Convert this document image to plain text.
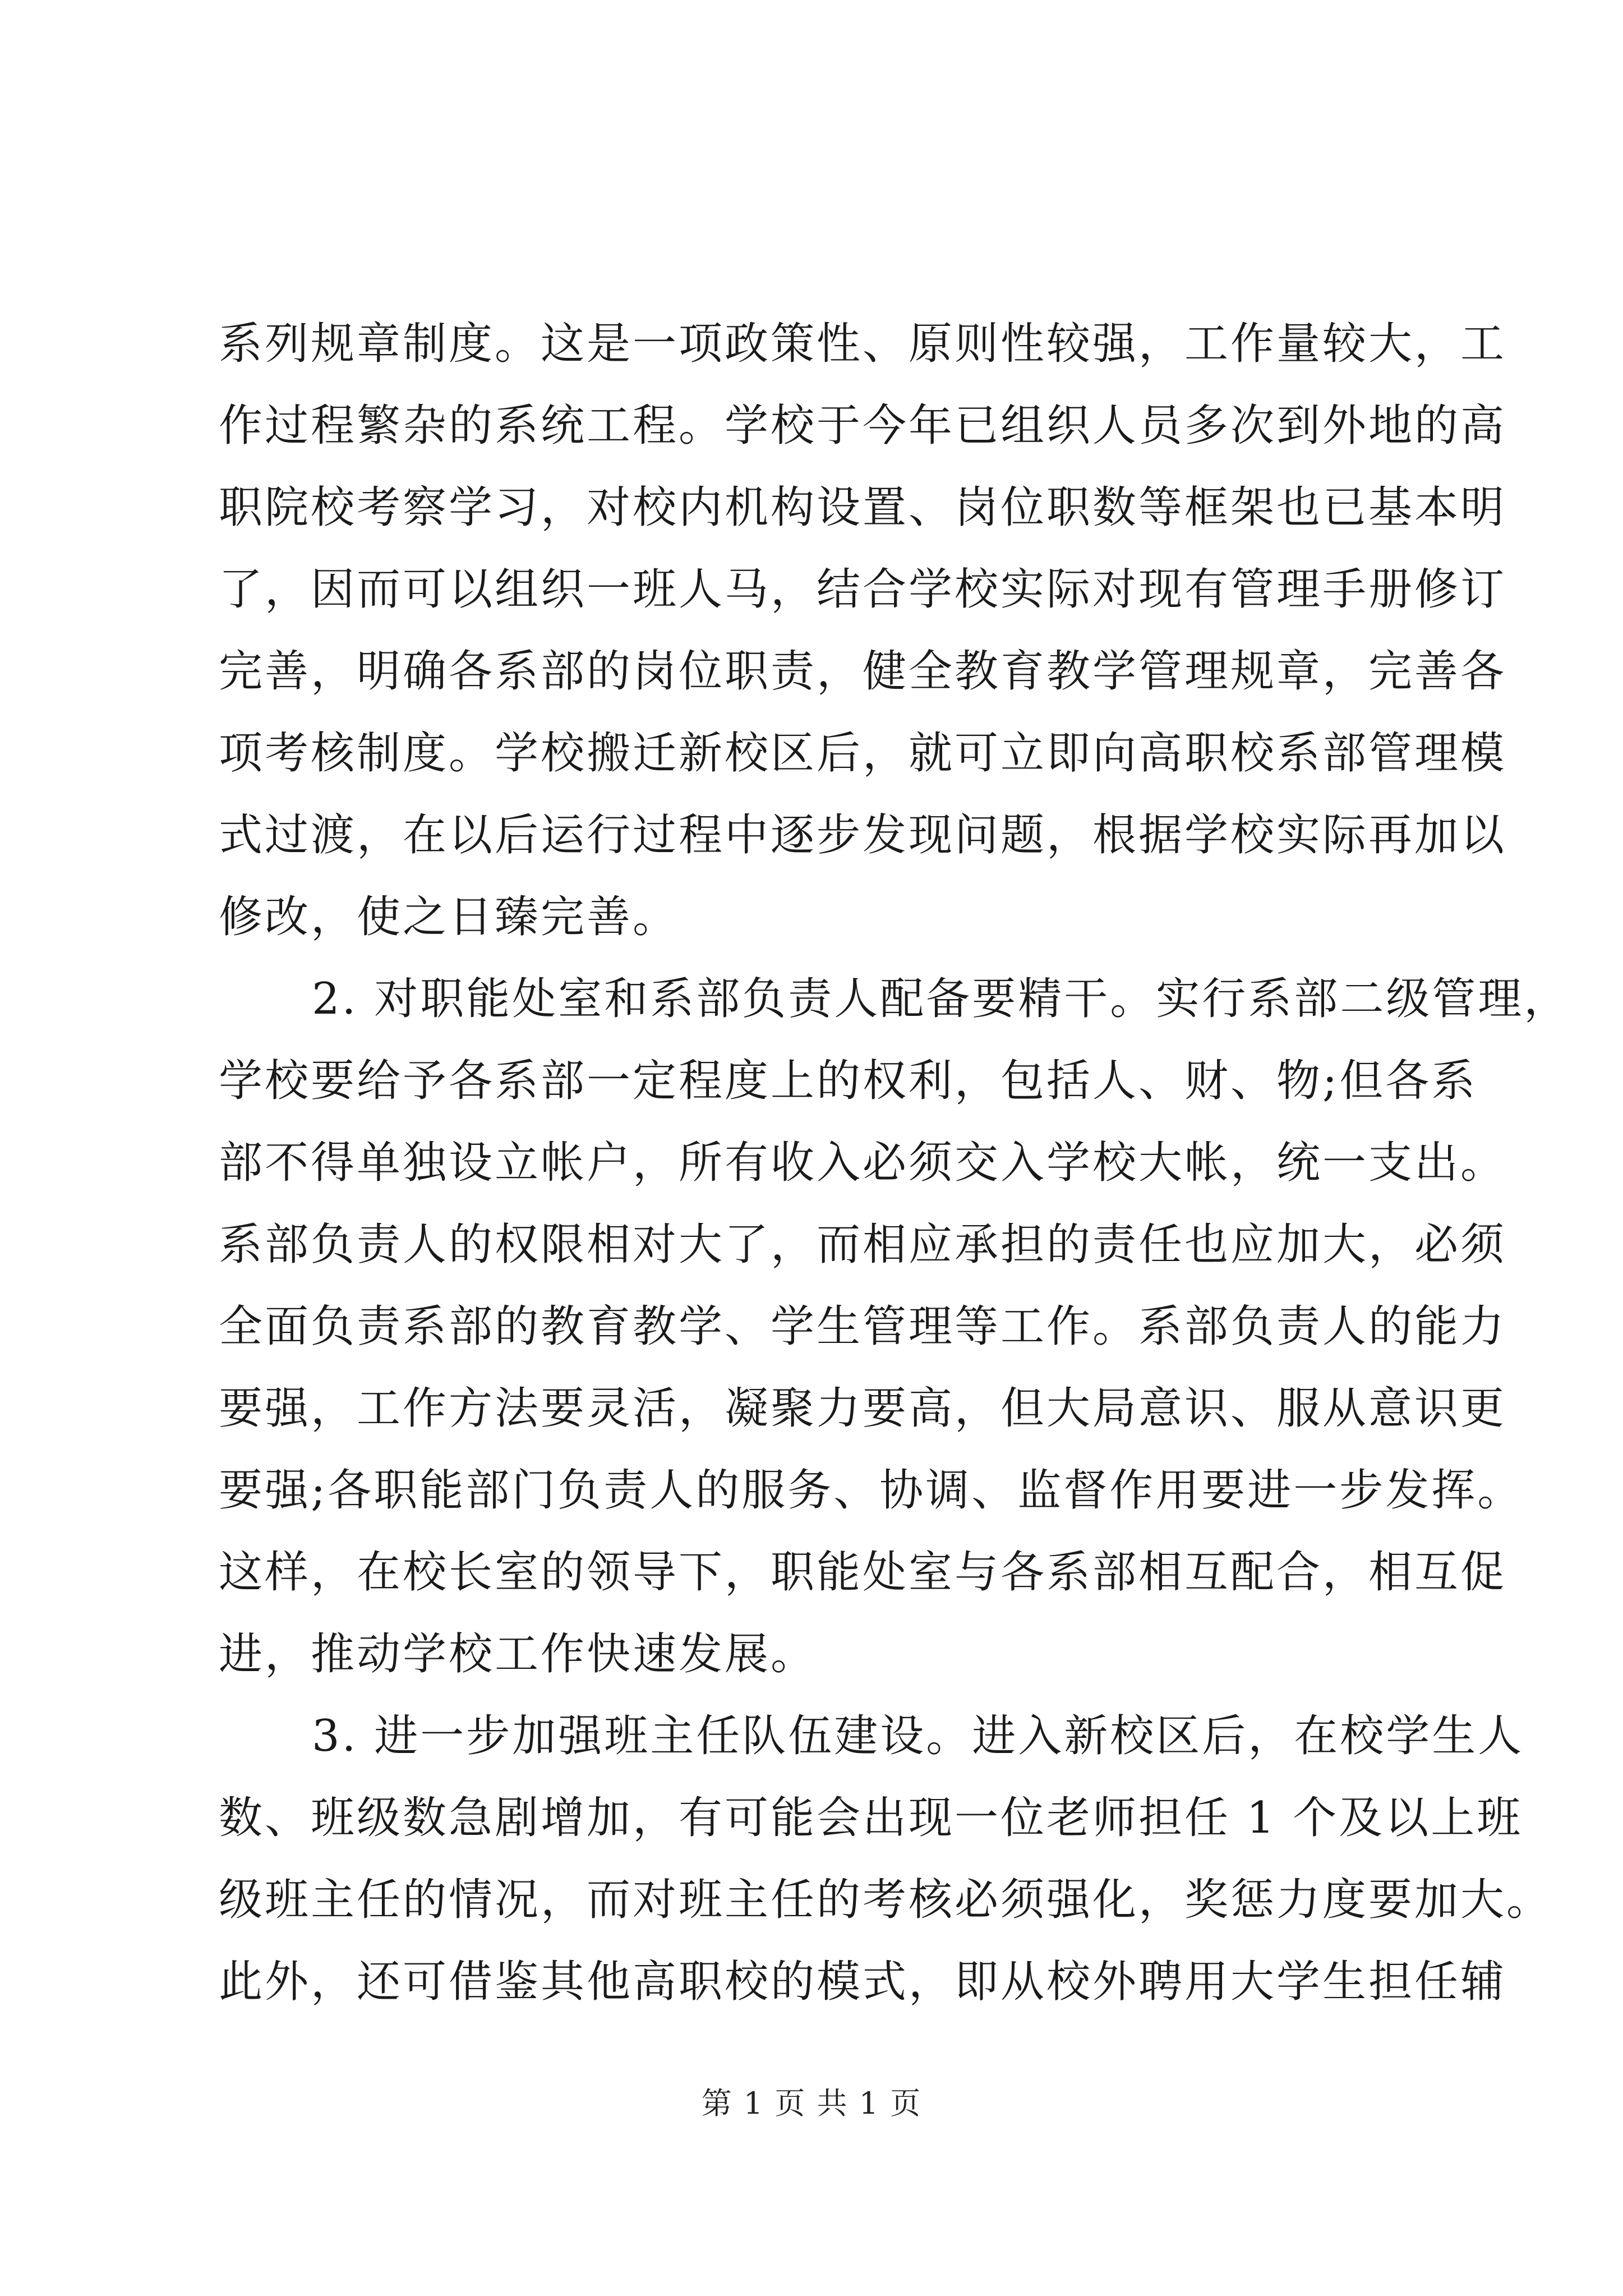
系列规章制度。这是一项政策性、原则性较强，工作量较大，工
作过程繁杂的系统工程。学校于今年已组织人员多次到外地的高
职院校考察学习，对校内机构设置、岗位职数等框架也已基本明
了，因而可以组织一班人马，结合学校实际对现有管理手册修订
完善，明确各系部的岗位职责，健全教育教学管理规章，完善各
项考核制度。学校搬迁新校区后，就可立即向高职校系部管理模
式过渡，在以后运行过程中逐步发现问题，根据学校实际再加以
修改，使之日臻完善。
2. 对职能处室和系部负责人配备要精干。实行系部二级管理，
学校要给予各系部一定程度上的权利，包括人、财、物;但各系
部不得单独设立帐户，所有收入必须交入学校大帐，统一支出。
系部负责人的权限相对大了，而相应承担的责任也应加大，必须
全面负责系部的教育教学、学生管理等工作。系部负责人的能力
要强，工作方法要灵活，凝聚力要高，但大局意识、服从意识更
要强;各职能部门负责人的服务、协调、监督作用要进一步发挥。
这样，在校长室的领导下，职能处室与各系部相互配合，相互促
进，推动学校工作快速发展。
3. 进一步加强班主任队伍建设。进入新校区后，在校学生人
数、班级数急剧增加，有可能会出现一位老师担任 1 个及以上班
级班主任的情况，而对班主任的考核必须强化，奖惩力度要加大。
此外，还可借鉴其他高职校的模式，即从校外聘用大学生担任辅
第 1 页 共 1 页
